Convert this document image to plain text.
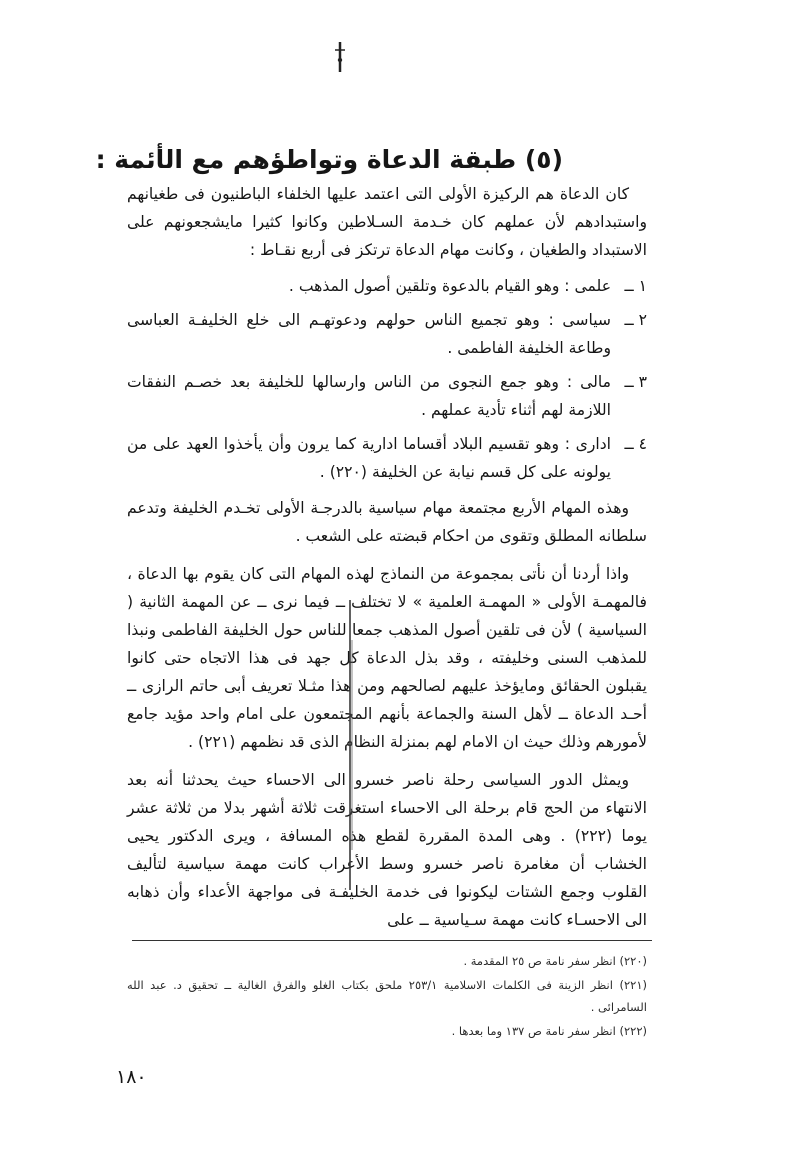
(٥) طبقة الدعاة وتواطؤهم مع الأئمة :

كان الدعاة هم الركيزة الأولى التى اعتمد عليها الخلفاء الباطنيون فى طغيانهم واستبدادهم لأن عملهم كان خـدمة السـلاطين وكانوا كثيرا مايشجعونهم على الاستبداد والطغيان ، وكانت مهام الدعاة ترتكز فى أربع نقـاط :

١ ــ
علمى : وهو القيام بالدعوة وتلقين أصول المذهب .
٢ ــ
سياسى : وهو تجميع الناس حولهم ودعوتهـم الى خلع الخليفـة العباسى وطاعة الخليفة الفاطمى .
٣ ــ
مالى : وهو جمع النجوى من الناس وارسالها للخليفة بعد خصـم النفقات اللازمة لهم أثناء تأدية عملهم .
٤ ــ
ادارى : وهو تقسيم البلاد أقساما ادارية كما يرون وأن يأخذوا العهد على من يولونه على كل قسم نيابة عن الخليفة (٢٢٠) .

وهذه المهام الأربع مجتمعة مهام سياسية بالدرجـة الأولى تخـدم الخليفة وتدعم سلطانه المطلق وتقوى من احكام قبضته على الشعب .

واذا أردنا أن نأتى بمجموعة من النماذج لهذه المهام التى كان يقوم بها الدعاة ، فالمهمـة الأولى « المهمـة العلمية » لا تختلف ــ فيما نرى ــ عن المهمة الثانية ( السياسية ) لأن فى تلقين أصول المذهب جمعا للناس حول الخليفة الفاطمى ونبذا للمذهب السنى وخليفته ، وقد بذل الدعاة كل جهد فى هذا الاتجاه حتى كانوا يقبلون الحقائق ومايؤخذ عليهم لصالحهم ومن هذا مثـلا تعريف أبى حاتم الرازى ــ أحـد الدعاة ــ لأهل السنة والجماعة بأنهم المجتمعون على امام واحد مؤيد جامع لأمورهم وذلك حيث ان الامام لهم بمنزلة النظام الذى قد نظمهم (٢٢١) .

ويمثل الدور السياسى رحلة ناصر خسرو الى الاحساء حيث يحدثنا أنه بعد الانتهاء من الحج قام برحلة الى الاحساء استغرقت ثلاثة أشهر بدلا من ثلاثة عشر يوما (٢٢٢) . وهى المدة المقررة لقطع هذه المسافة ، ويرى الدكتور يحيى الخشاب أن مغامرة ناصر خسرو وسط الأعراب كانت مهمة سياسية لتأليف القلوب وجمع الشتات ليكونوا فى خدمة الخليفـة فى مواجهة الأعداء وأن ذهابه الى الاحسـاء كانت مهمة سـياسية ــ على

(٢٢٠) انظر سفر نامة ص ٢٥ المقدمة .

(٢٢١) انظر الزينة فى الكلمات الاسلامية ٢٥٣/١ ملحق بكتاب الغلو والفرق الغالية ــ تحقيق د. عبد الله السامرائى .

(٢٢٢) انظر سفر نامة ص ١٣٧ وما بعدها .

١٨٠
